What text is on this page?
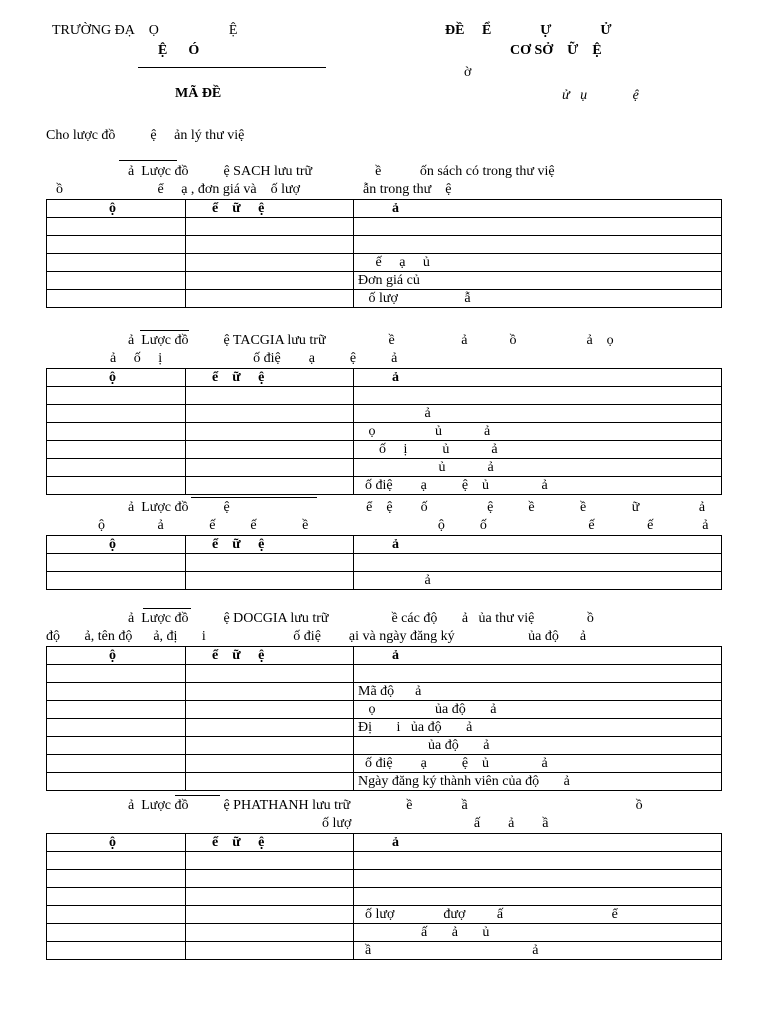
TRƯỜNG ĐẠ    Ọ                    Ệ
Ệ      Ó
ĐỀ     Ể              Ự              Ử
CƠ SỞ    Ữ    Ệ
ờ
MÃ ĐỀ	ử   ụ             ệ
Cho lược đồ          ệ     ản lý thư việ
ả  Lược đồ          ệ SACH lưu trữ                  ề           ốn sách có trong thư việ
ồ                           ể     ạ , đơn giá và    ố lượ                  ẫn trong thư    ệ
ộ	ể    ữ     ệ	ả

		ế     ạ     ủ
		Đơn giá củ
		ố lượ                   ẫ
ả  Lược đồ          ệ TACGIA lưu trữ                  ề                   ả            ồ                    ả    ọ
ả     ố     ị                          ố điệ        ạ          ệ          ả
ộ	ể    ữ     ệ	ả

		ả
		ọ                 ủ            ả
		ố     ị          ủ            ả
		ủ            ả
		ố điệ        ạ          ệ    ủ               ả
ả  Lược đồ          ệ                                       ể    ệ        ố                 ệ          ề             ề             ữ                 ả
ộ               ả             ế          ế             ề                                     ộ          ố                             ế               ế              ả
ộ	ể    ữ     ệ	ả

		ả
ả  Lược đồ          ệ DOCGIA lưu trữ                  ề các độ       ả   ủa thư việ               ồ
độ       ả, tên độ      ả, đị       i                         ố điệ        ại và ngày đăng ký                     ủa độ      ả
ộ	ể    ữ     ệ	ả

		Mã độ      ả
		ọ                 ủa độ       ả
		Đị       i   ủa độ       ả
		ủa độ       ả
		ố điệ        ạ          ệ    ủ               ả
		Ngày đăng ký thành viên của độ       ả
ả  Lược đồ          ệ PHATHANH lưu trữ                ề              ầ                                                ồ
ố lượ                                   ấ        ả        ầ
ộ	ể    ữ     ệ	ả

		ố lượ              đượ         ấ                               ể
		ấ       ả       ủ
		ầ                                              ả
